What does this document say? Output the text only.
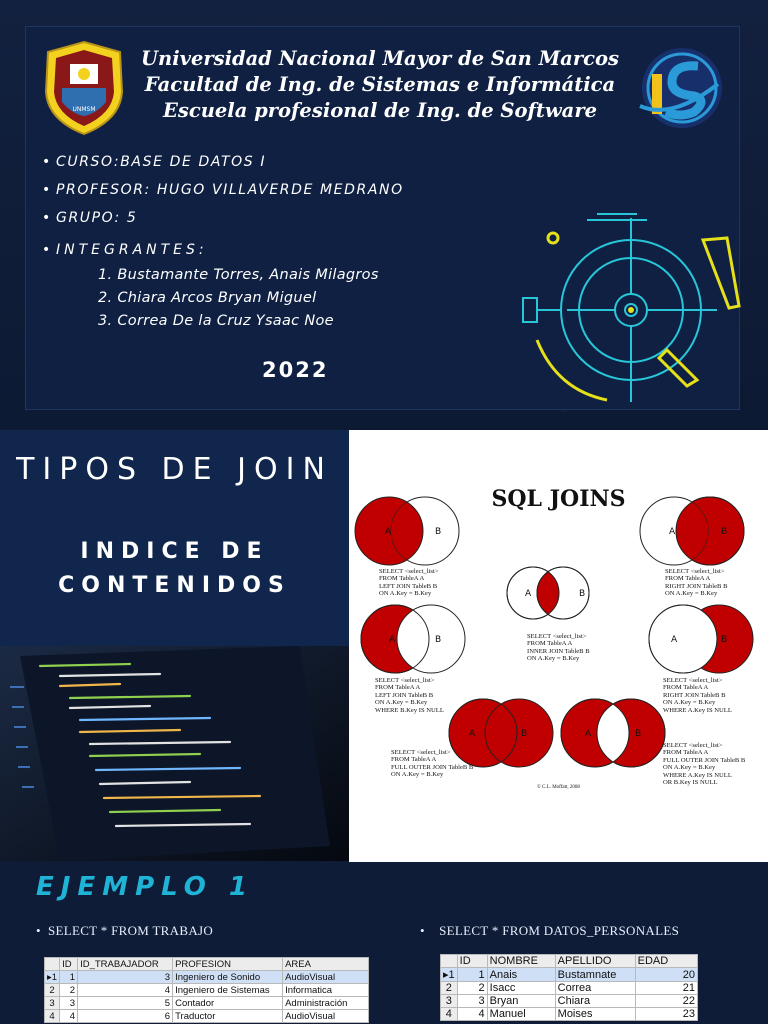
UNMSM
Universidad Nacional Mayor de San Marcos
Facultad de Ing. de Sistemas e Informática
Escuela profesional de Ing. de Software
• CURSO:BASE DE DATOS I
• PROFESOR: HUGO VILLAVERDE MEDRANO
• GRUPO: 5
• INTEGRANTES:
1. Bustamante Torres, Anais Milagros
2. Chiara Arcos Bryan Miguel
3. Correa De la Cruz Ysaac Noe
2022
TIPOS DE JOIN
INDICE DE
CONTENIDOS
SQL JOINS
A	B	A	B
A	B
A	B	A	B
A	B	A	B
SELECT <select_list>
FROM TableA A
LEFT JOIN TableB B
ON A.Key = B.Key
SELECT <select_list>
FROM TableA A
RIGHT JOIN TableB B
ON A.Key = B.Key
SELECT <select_list>
FROM TableA A
INNER JOIN TableB B
ON A.Key = B.Key
SELECT <select_list>
FROM TableA A
LEFT JOIN TableB B
ON A.Key = B.Key
WHERE B.Key IS NULL
SELECT <select_list>
FROM TableA A
RIGHT JOIN TableB B
ON A.Key = B.Key
WHERE A.Key IS NULL
SELECT <select_list>
FROM TableA A
FULL OUTER JOIN TableB B
ON A.Key = B.Key
SELECT <select_list>
FROM TableA A
FULL OUTER JOIN TableB B
ON A.Key = B.Key
WHERE A.Key IS NULL
OR B.Key IS NULL
© C.L. Moffatt, 2008
EJEMPLO 1
•  SELECT * FROM TRABAJO	•    SELECT * FROM DATOS_PERSONALES
	ID	ID_TRABAJADOR	PROFESION	AREA
▸1	1	3	Ingeniero de Sonido	AudioVisual
2	2	4	Ingeniero de Sistemas	Informatica
3	3	5	Contador	Administración
4	4	6	Traductor	AudioVisual
	ID	NOMBRE	APELLIDO	EDAD
▸1	1	Anais	Bustamnate	20
2	2	Isacc	Correa	21
3	3	Bryan	Chiara	22
4	4	Manuel	Moises	23
